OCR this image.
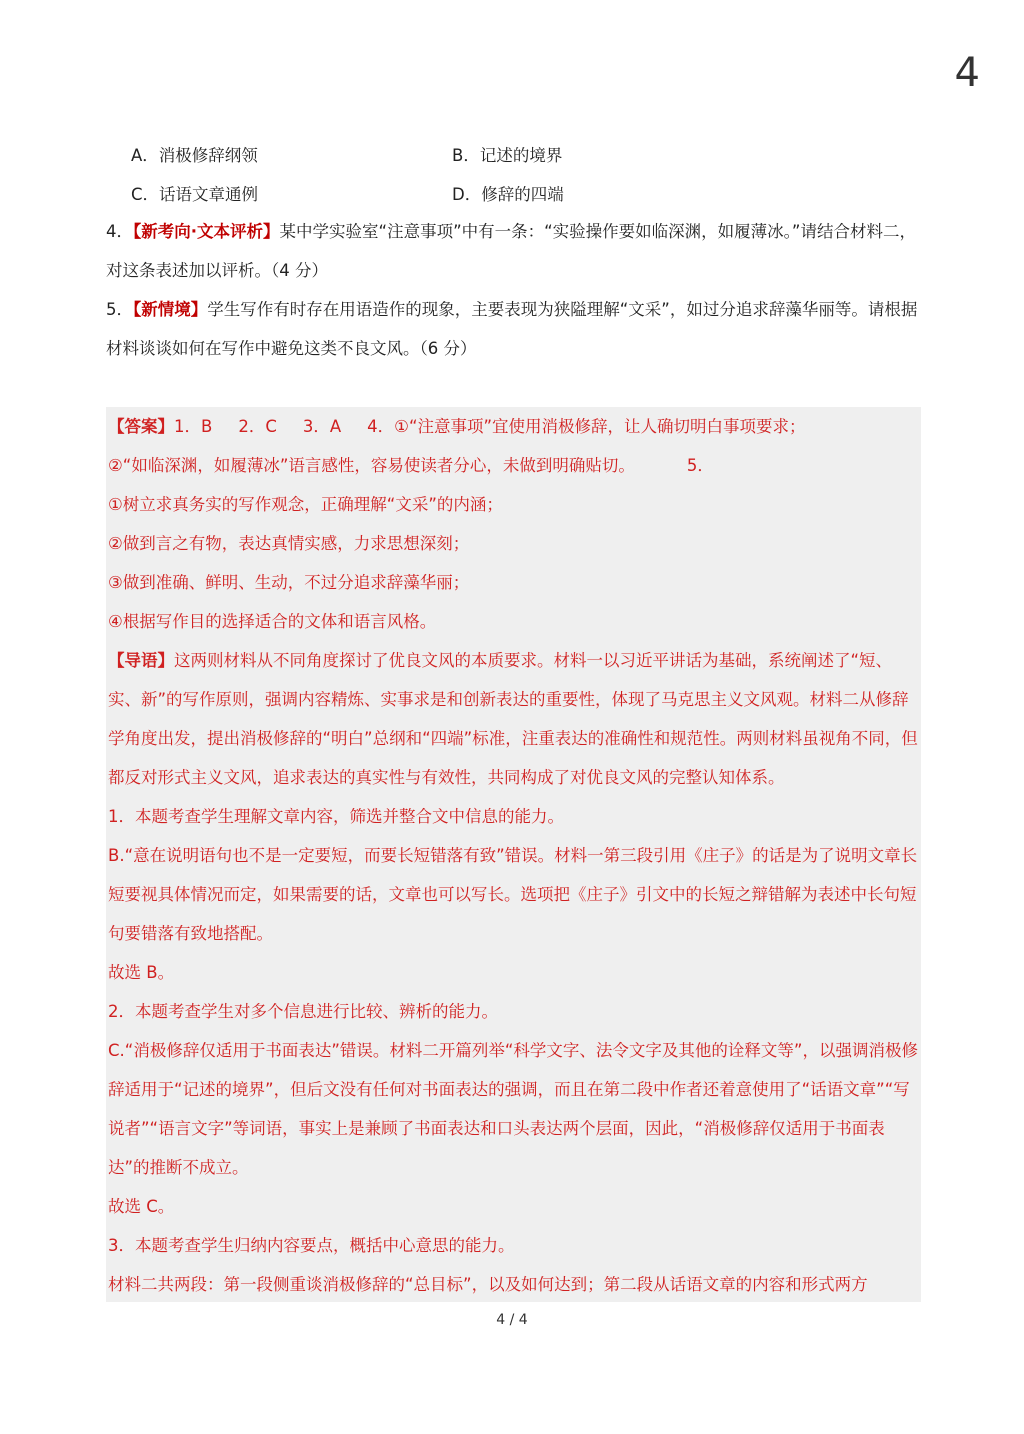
4
A．消极修辞纲领	B．记述的境界
C．话语文章通例	D．修辞的四端
4．【新考向·文本评析】某中学实验室“注意事项”中有一条：“实验操作要如临深渊，如履薄冰。”请结合材料二，对这条表述加以评析。（4 分）
5．【新情境】学生写作有时存在用语造作的现象，主要表现为狭隘理解“文采”，如过分追求辞藻华丽等。请根据材料谈谈如何在写作中避免这类不良文风。（6 分）

【答案】1．B 2．C 3．A 4．①“注意事项”宜使用消极修辞，让人确切明白事项要求；

②“如临深渊，如履薄冰”语言感性，容易使读者分心，未做到明确贴切。	5．

①树立求真务实的写作观念，正确理解“文采”的内涵；

②做到言之有物，表达真情实感，力求思想深刻；

③做到准确、鲜明、生动，不过分追求辞藻华丽；

④根据写作目的选择适合的文体和语言风格。

【导语】这两则材料从不同角度探讨了优良文风的本质要求。材料一以习近平讲话为基础，系统阐述了“短、实、新”的写作原则，强调内容精炼、实事求是和创新表达的重要性，体现了马克思主义文风观。材料二从修辞学角度出发，提出消极修辞的“明白”总纲和“四端”标准，注重表达的准确性和规范性。两则材料虽视角不同，但都反对形式主义文风，追求表达的真实性与有效性，共同构成了对优良文风的完整认知体系。

1．本题考查学生理解文章内容，筛选并整合文中信息的能力。

B.“意在说明语句也不是一定要短，而要长短错落有致”错误。材料一第三段引用《庄子》的话是为了说明文章长短要视具体情况而定，如果需要的话，文章也可以写长。选项把《庄子》引文中的长短之辩错解为表述中长句短句要错落有致地搭配。

故选 B。

2．本题考查学生对多个信息进行比较、辨析的能力。

C.“消极修辞仅适用于书面表达”错误。材料二开篇列举“科学文字、法令文字及其他的诠释文等”，以强调消极修辞适用于“记述的境界”，但后文没有任何对书面表达的强调，而且在第二段中作者还着意使用了“话语文章”“写说者”“语言文字”等词语，事实上是兼顾了书面表达和口头表达两个层面，因此，“消极修辞仅适用于书面表达”的推断不成立。

故选 C。

3．本题考查学生归纳内容要点，概括中心意思的能力。

材料二共两段：第一段侧重谈消极修辞的“总目标”，以及如何达到；第二段从话语文章的内容和形式两方

4 / 4
